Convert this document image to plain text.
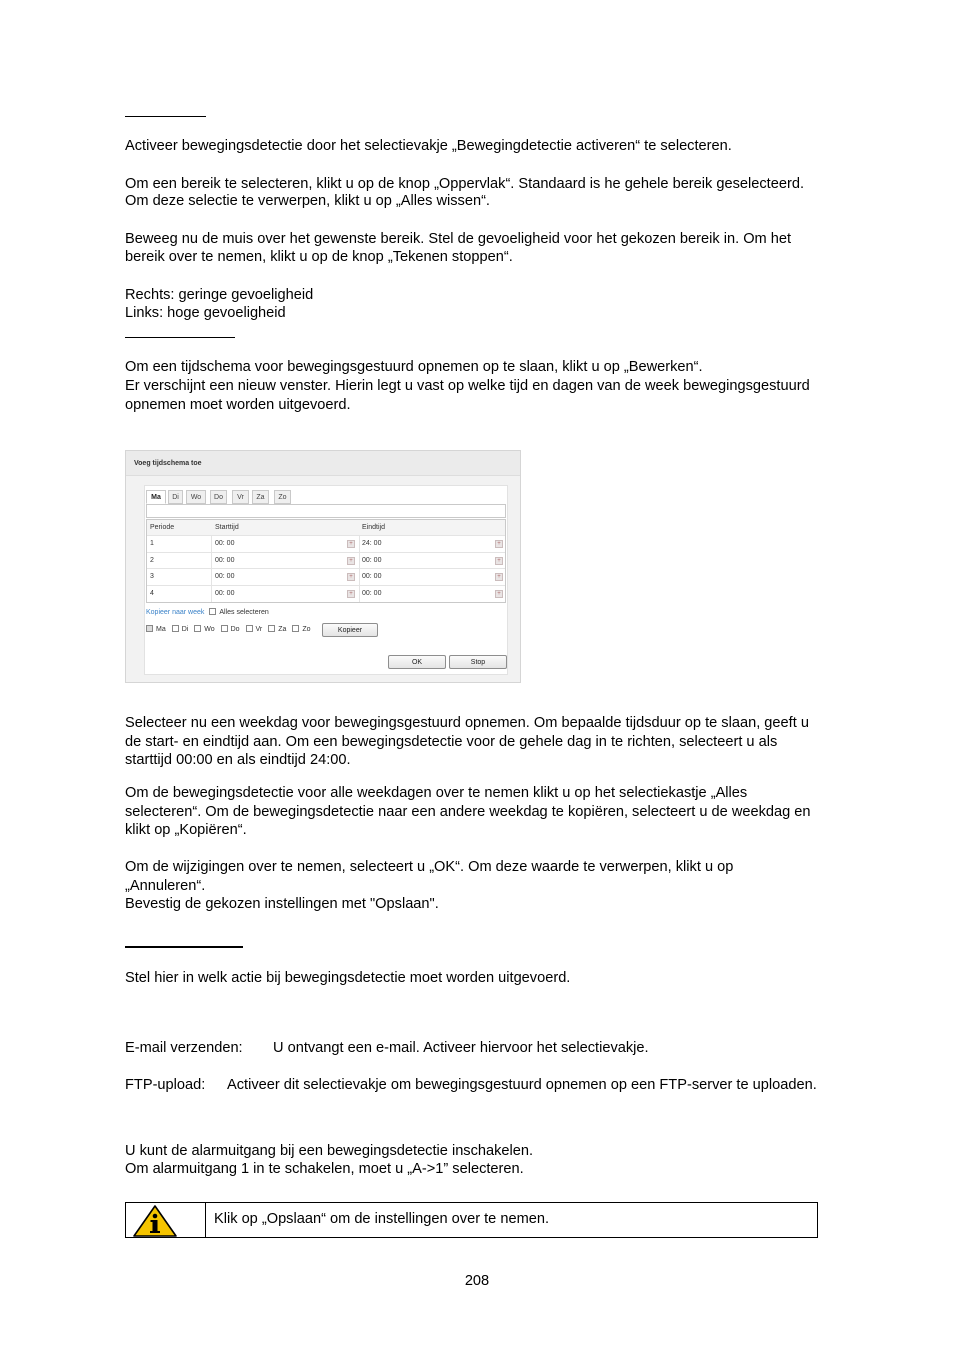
Activeer bewegingsdetectie door het selectievakje „Bewegingdetectie activeren“ te selecteren.

Om een bereik te selecteren, klikt u op de knop „Oppervlak“. Standaard is he gehele bereik geselecteerd.

Om deze selectie te verwerpen, klikt u op „Alles wissen“.

Beweeg nu de muis over het gewenste bereik. Stel de gevoeligheid voor het gekozen bereik in. Om het

bereik over te nemen, klikt u op de knop „Tekenen stoppen“.

Rechts: geringe gevoeligheid

Links: hoge gevoeligheid

Om een tijdschema voor bewegingsgestuurd opnemen op te slaan, klikt u op „Bewerken“.

Er verschijnt een nieuw venster. Hierin legt u vast op welke tijd en dagen van de week bewegingsgestuurd

opnemen moet worden uitgevoerd.

Voeg tijdschema toe
Ma	Di	Wo	Do	Vr	Za	Zo
Periode	Starttijd	Eindtijd
1	00: 00	+	24: 00	+
2	00: 00	+	00: 00	+
3	00: 00	+	00: 00	+
4	00: 00	+	00: 00	+
Kopieer naar week Alles selecteren
Ma Di Wo Do Vr Za Zo	Kopieer
OK	Stop

Selecteer nu een weekdag voor bewegingsgestuurd opnemen. Om bepaalde tijdsduur op te slaan, geeft u

de start- en eindtijd aan. Om een bewegingsdetectie voor de gehele dag in te richten, selecteert u als

starttijd 00:00 en als eindtijd 24:00.

Om de bewegingsdetectie voor alle weekdagen over te nemen klikt u op het selectiekastje „Alles

selecteren“. Om de bewegingsdetectie naar een andere weekdag te kopiëren, selecteert u de weekdag en

klikt op „Kopiëren“.

Om de wijzigingen over te nemen, selecteert u „OK“. Om deze waarde te verwerpen, klikt u op

„Annuleren“.

Bevestig de gekozen instellingen met "Opslaan".

Stel hier in welk actie bij bewegingsdetectie moet worden uitgevoerd.

E-mail verzenden: U ontvangt een e-mail. Activeer hiervoor het selectievakje.

FTP-upload: Activeer dit selectievakje om bewegingsgestuurd opnemen op een FTP-server te uploaden.

U kunt de alarmuitgang bij een bewegingsdetectie inschakelen.

Om alarmuitgang 1 in te schakelen, moet u „A->1” selecteren.

Klik op „Opslaan“ om de instellingen over te nemen.
208
